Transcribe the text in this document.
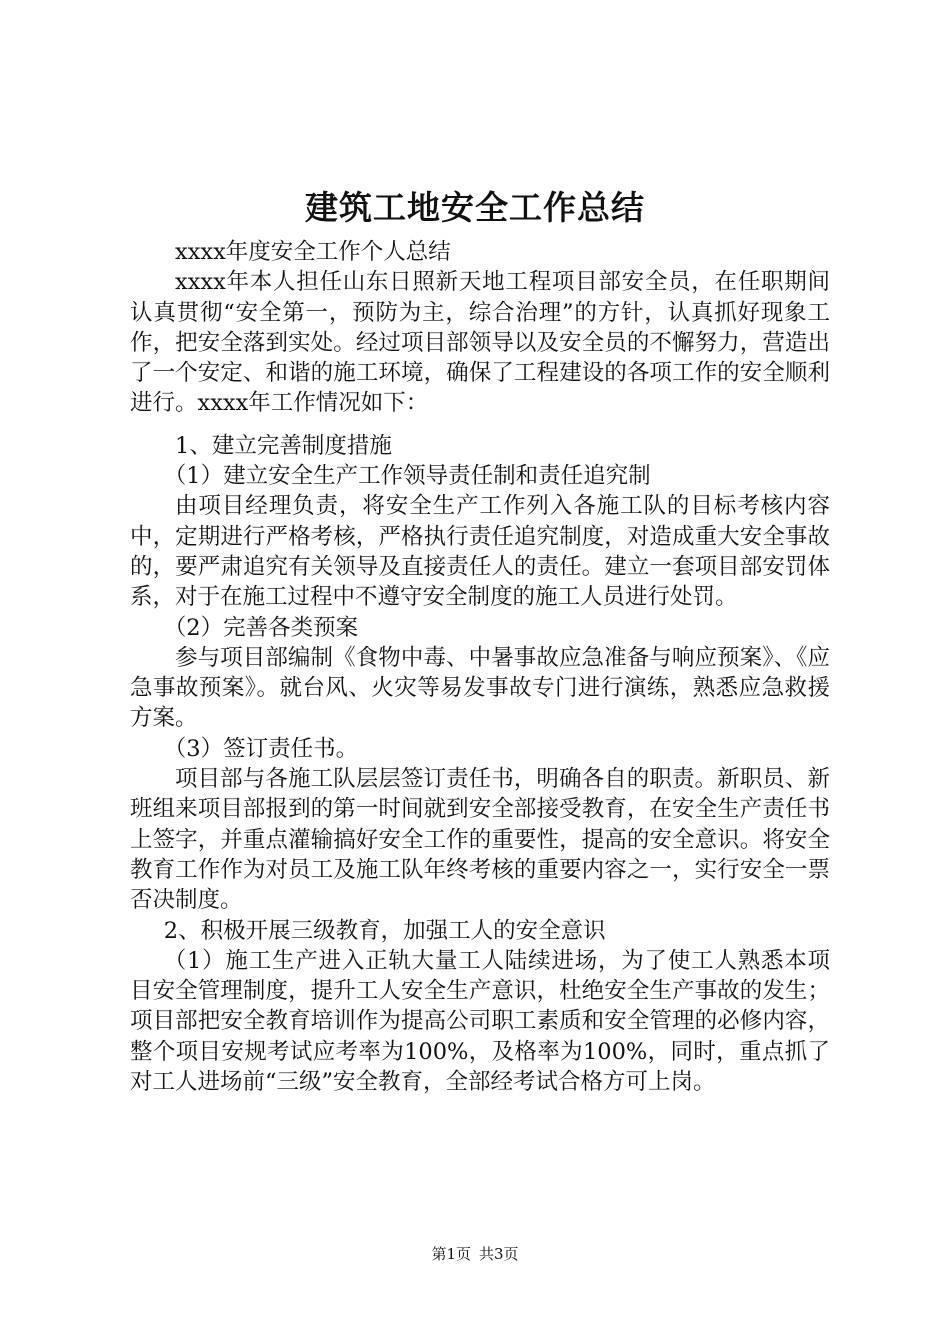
建筑工地安全工作总结

xxxx年度安全工作个人总结

xxxx年本人担任山东日照新天地工程项目部安全员，在任职期间认真贯彻“安全第一，预防为主，综合治理”的方针，认真抓好现象工作，把安全落到实处。经过项目部领导以及安全员的不懈努力，营造出了一个安定、和谐的施工环境，确保了工程建设的各项工作的安全顺利进行。xxxx年工作情况如下：

1、建立完善制度措施

（1）建立安全生产工作领导责任制和责任追究制

由项目经理负责，将安全生产工作列入各施工队的目标考核内容中，定期进行严格考核，严格执行责任追究制度，对造成重大安全事故的，要严肃追究有关领导及直接责任人的责任。建立一套项目部安罚体系，对于在施工过程中不遵守安全制度的施工人员进行处罚。

（2）完善各类预案

参与项目部编制《食物中毒、中暑事故应急准备与响应预案》、《应急事故预案》。就台风、火灾等易发事故专门进行演练，熟悉应急救援方案。

（3）签订责任书。

项目部与各施工队层层签订责任书，明确各自的职责。新职员、新班组来项目部报到的第一时间就到安全部接受教育，在安全生产责任书上签字，并重点灌输搞好安全工作的重要性，提高的安全意识。将安全教育工作作为对员工及施工队年终考核的重要内容之一，实行安全一票否决制度。

2、积极开展三级教育，加强工人的安全意识

（1）施工生产进入正轨大量工人陆续进场，为了使工人熟悉本项目安全管理制度，提升工人安全生产意识，杜绝安全生产事故的发生；项目部把安全教育培训作为提高公司职工素质和安全管理的必修内容，整个项目安规考试应考率为100%，及格率为100%，同时，重点抓了对工人进场前“三级”安全教育，全部经考试合格方可上岗。

第1页 共3页
